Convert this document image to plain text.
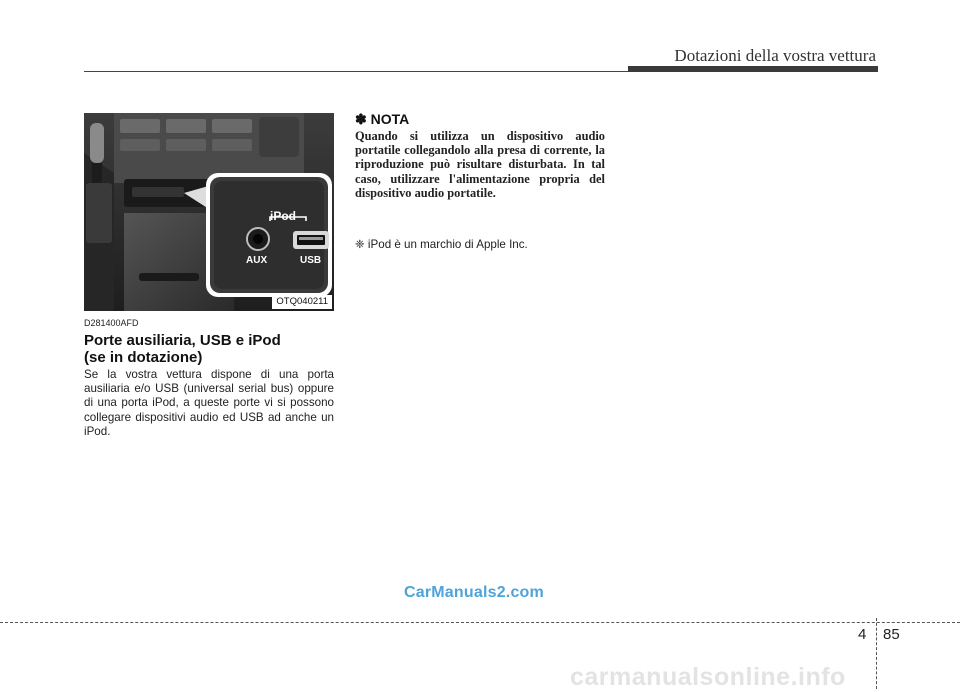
Dotazioni della vostra vettura
iPod
AUX	USB
OTQ040211
D281400AFD
Porte ausiliaria, USB e iPod
(se in dotazione)
Se la vostra vettura dispone di una porta ausiliaria e/o USB (universal serial bus) oppure di una porta iPod, a queste porte vi si possono collegare dispositivi audio ed USB ad anche un iPod.
✽ NOTA
Quando si utilizza un dispositivo audio portatile collegandolo alla presa di corrente, la riproduzione può risultare disturbata. In tal caso, utilizzare l'alimentazione propria del dispositivo audio portatile.
❈ iPod è un marchio di Apple Inc.
CarManuals2.com
4 85
carmanualsonline.info
